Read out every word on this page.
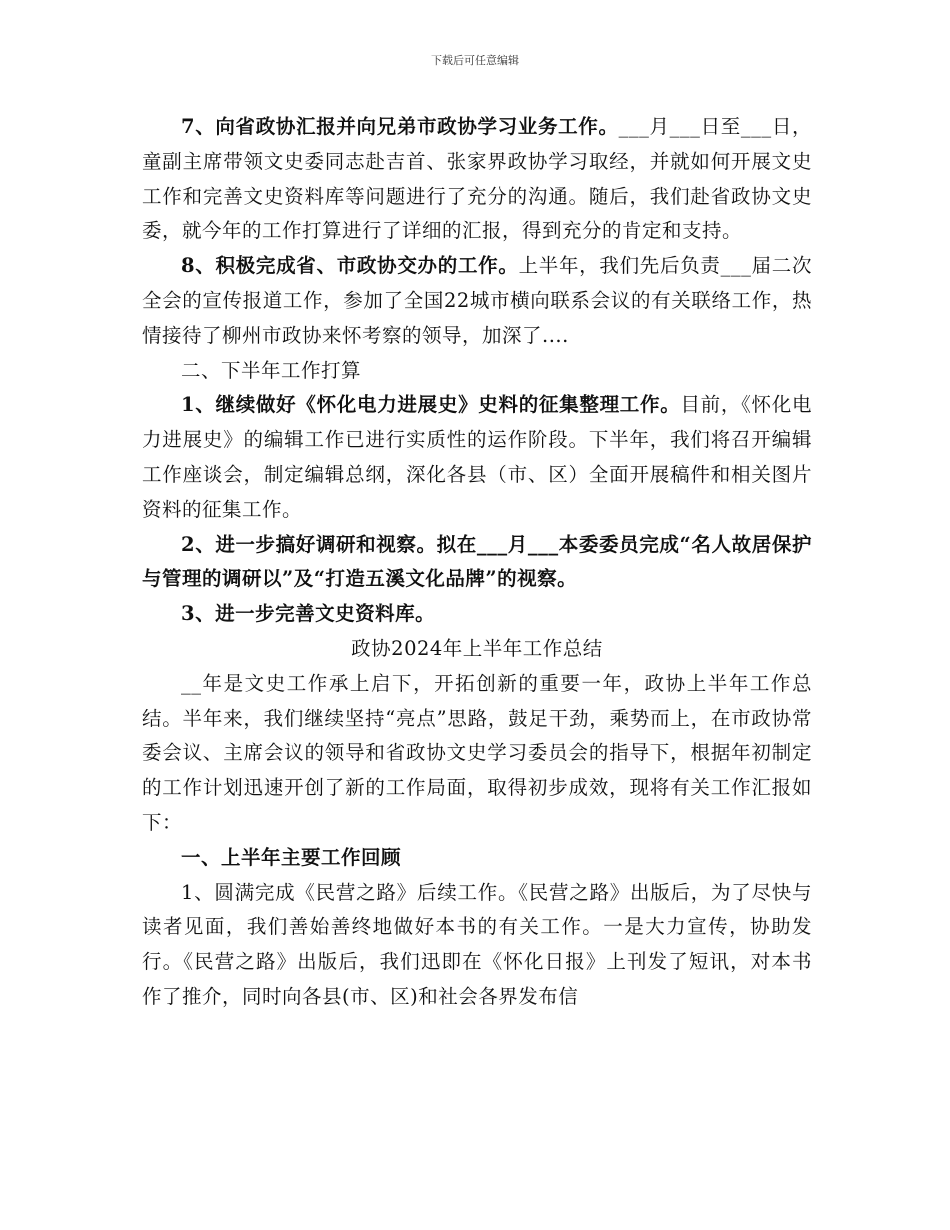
下载后可任意编辑

7、向省政协汇报并向兄弟市政协学习业务工作。___月___日至___日，童副主席带领文史委同志赴吉首、张家界政协学习取经，并就如何开展文史工作和完善文史资料库等问题进行了充分的沟通。随后，我们赴省政协文史委，就今年的工作打算进行了详细的汇报，得到充分的肯定和支持。

8、积极完成省、市政协交办的工作。上半年，我们先后负责___届二次全会的宣传报道工作，参加了全国22城市横向联系会议的有关联络工作，热情接待了柳州市政协来怀考察的领导，加深了....

二、下半年工作打算

1、继续做好《怀化电力进展史》史料的征集整理工作。目前，《怀化电力进展史》的编辑工作已进行实质性的运作阶段。下半年，我们将召开编辑工作座谈会，制定编辑总纲，深化各县（市、区）全面开展稿件和相关图片资料的征集工作。

2、进一步搞好调研和视察。拟在___月___本委委员完成“名人故居保护与管理的调研以”及“打造五溪文化品牌”的视察。

3、进一步完善文史资料库。

政协2024年上半年工作总结

__年是文史工作承上启下，开拓创新的重要一年，政协上半年工作总结。半年来，我们继续坚持“亮点”思路，鼓足干劲，乘势而上，在市政协常委会议、主席会议的领导和省政协文史学习委员会的指导下，根据年初制定的工作计划迅速开创了新的工作局面，取得初步成效，现将有关工作汇报如下：

一、上半年主要工作回顾

1、圆满完成《民营之路》后续工作。《民营之路》出版后，为了尽快与读者见面，我们善始善终地做好本书的有关工作。一是大力宣传，协助发行。《民营之路》出版后，我们迅即在《怀化日报》上刊发了短讯，对本书作了推介，同时向各县(市、区)和社会各界发布信
